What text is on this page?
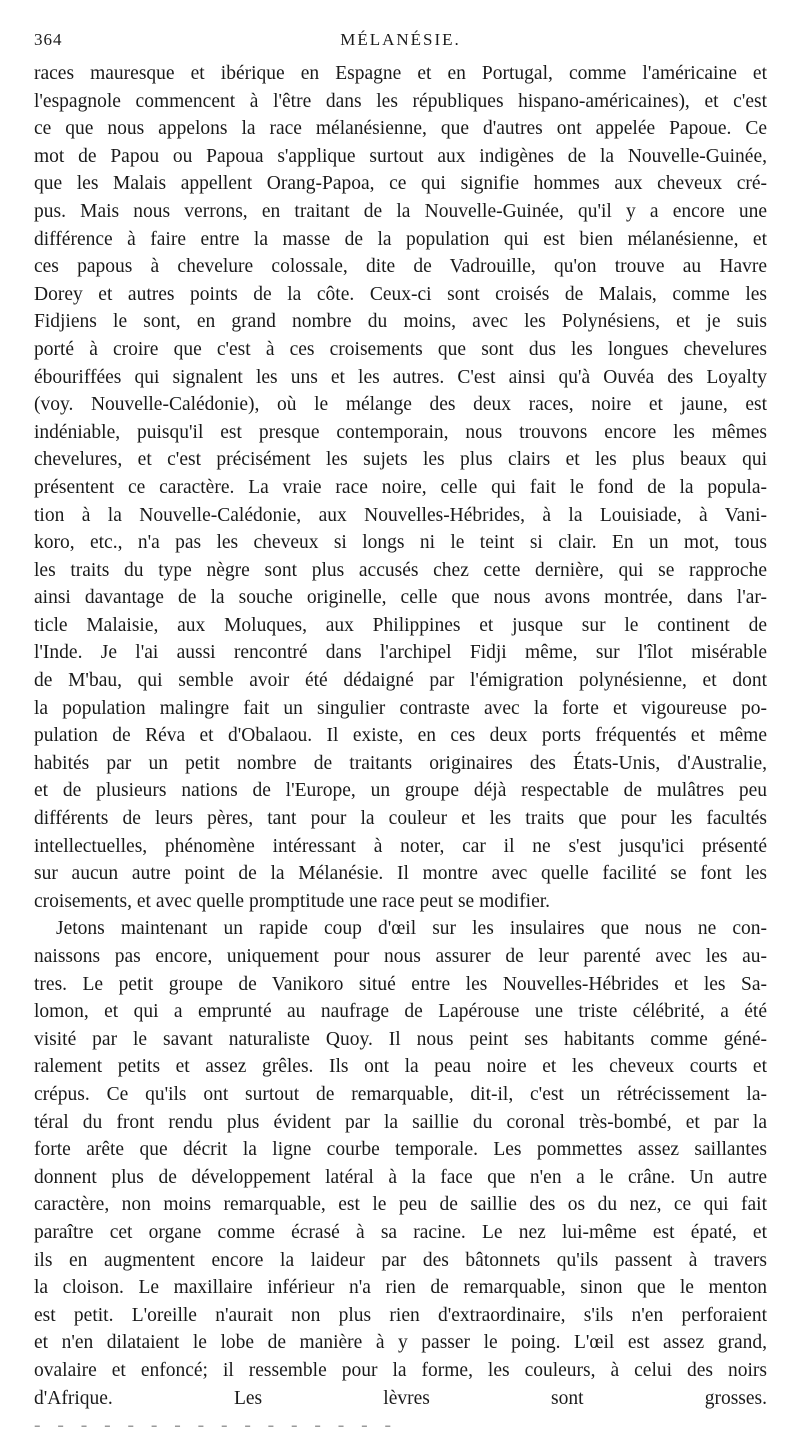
364	MÉLANÉSIE.
races mauresque et ibérique en Espagne et en Portugal, comme l'américaine et
l'espagnole commencent à l'être dans les républiques hispano-américaines), et c'est
ce que nous appelons la race mélanésienne, que d'autres ont appelée Papoue. Ce
mot de Papou ou Papoua s'applique surtout aux indigènes de la Nouvelle-Guinée,
que les Malais appellent Orang-Papoa, ce qui signifie hommes aux cheveux cré-
pus. Mais nous verrons, en traitant de la Nouvelle-Guinée, qu'il y a encore une
différence à faire entre la masse de la population qui est bien mélanésienne, et
ces papous à chevelure colossale, dite de Vadrouille, qu'on trouve au Havre
Dorey et autres points de la côte. Ceux-ci sont croisés de Malais, comme les
Fidjiens le sont, en grand nombre du moins, avec les Polynésiens, et je suis
porté à croire que c'est à ces croisements que sont dus les longues chevelures
ébouriffées qui signalent les uns et les autres. C'est ainsi qu'à Ouvéa des Loyalty
(voy. Nouvelle-Calédonie), où le mélange des deux races, noire et jaune, est
indéniable, puisqu'il est presque contemporain, nous trouvons encore les mêmes
chevelures, et c'est précisément les sujets les plus clairs et les plus beaux qui
présentent ce caractère. La vraie race noire, celle qui fait le fond de la popula-
tion à la Nouvelle-Calédonie, aux Nouvelles-Hébrides, à la Louisiade, à Vani-
koro, etc., n'a pas les cheveux si longs ni le teint si clair. En un mot, tous
les traits du type nègre sont plus accusés chez cette dernière, qui se rapproche
ainsi davantage de la souche originelle, celle que nous avons montrée, dans l'ar-
ticle Malaisie, aux Moluques, aux Philippines et jusque sur le continent de
l'Inde. Je l'ai aussi rencontré dans l'archipel Fidji même, sur l'îlot misérable
de M'bau, qui semble avoir été dédaigné par l'émigration polynésienne, et dont
la population malingre fait un singulier contraste avec la forte et vigoureuse po-
pulation de Réva et d'Obalaou. Il existe, en ces deux ports fréquentés et même
habités par un petit nombre de traitants originaires des États-Unis, d'Australie,
et de plusieurs nations de l'Europe, un groupe déjà respectable de mulâtres peu
différents de leurs pères, tant pour la couleur et les traits que pour les facultés
intellectuelles, phénomène intéressant à noter, car il ne s'est jusqu'ici présenté
sur aucun autre point de la Mélanésie. Il montre avec quelle facilité se font les
croisements, et avec quelle promptitude une race peut se modifier.
Jetons maintenant un rapide coup d'œil sur les insulaires que nous ne con-
naissons pas encore, uniquement pour nous assurer de leur parenté avec les au-
tres. Le petit groupe de Vanikoro situé entre les Nouvelles-Hébrides et les Sa-
lomon, et qui a emprunté au naufrage de Lapérouse une triste célébrité, a été
visité par le savant naturaliste Quoy. Il nous peint ses habitants comme géné-
ralement petits et assez grêles. Ils ont la peau noire et les cheveux courts et
crépus. Ce qu'ils ont surtout de remarquable, dit-il, c'est un rétrécissement la-
téral du front rendu plus évident par la saillie du coronal très-bombé, et par la
forte arête que décrit la ligne courbe temporale. Les pommettes assez saillantes
donnent plus de développement latéral à la face que n'en a le crâne. Un autre
caractère, non moins remarquable, est le peu de saillie des os du nez, ce qui fait
paraître cet organe comme écrasé à sa racine. Le nez lui-même est épaté, et
ils en augmentent encore la laideur par des bâtonnets qu'ils passent à travers
la cloison. Le maxillaire inférieur n'a rien de remarquable, sinon que le menton
est petit. L'oreille n'aurait non plus rien d'extraordinaire, s'ils n'en perforaient
et n'en dilataient le lobe de manière à y passer le poing. L'œil est assez grand,
ovalaire et enfoncé; il ressemble pour la forme, les couleurs, à celui des noirs
d'Afrique. Les lèvres sont grosses.
- - - - - - - - - - - - - - - -
